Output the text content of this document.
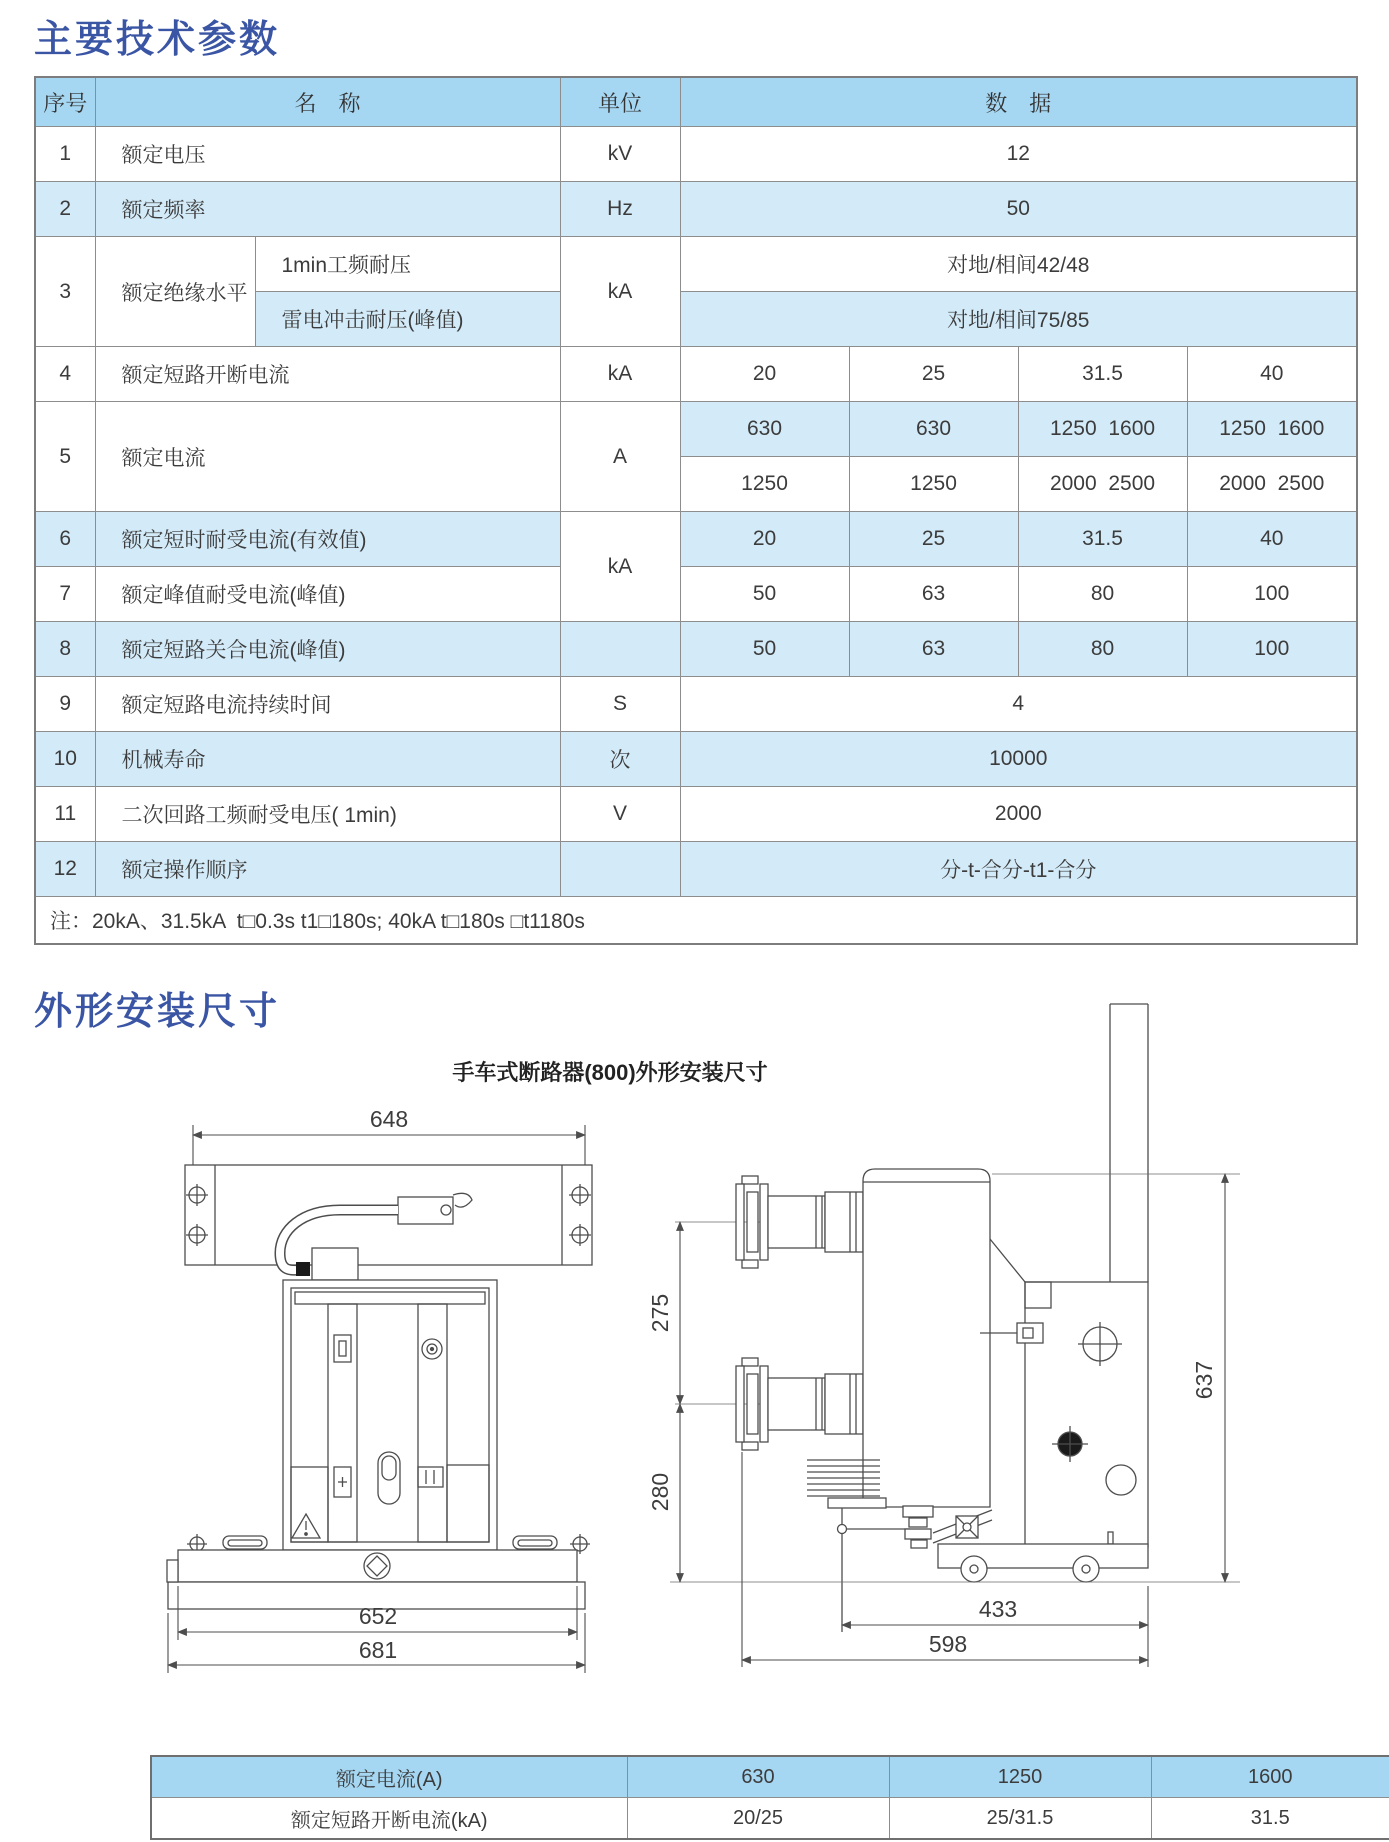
主要技术参数
序号	名　称		单位	数　据			
1	额定电压		kV	12			
2	额定频率		Hz	50			
3	额定绝缘水平	1min工频耐压	kA	对地/相间42/48			
		雷电冲击耐压(峰值)		对地/相间75/85			
4	额定短路开断电流		kA	20	25	31.5	40
5	额定电流		A	630	630	1250  1600	1250  1600
				1250	1250	2000  2500	2000  2500
6	额定短时耐受电流(有效值)		kA	20	25	31.5	40
7	额定峰值耐受电流(峰值)			50	63	80	100
8	额定短路关合电流(峰值)			50	63	80	100
9	额定短路电流持续时间		S	4			
10	机械寿命		次	10000			
11	二次回路工频耐受电压( 1min)		V	2000			
12	额定操作顺序			分-t-合分-t1-合分			
注：20kA、31.5kA  t□0.3s t1□180s; 40kA t□180s □t1180s							
外形安装尺寸
手车式断路器(800)外形安装尺寸
648
652
681
275
280
637
433
598
额定电流(A)	630	1250	1600
额定短路开断电流(kA)	20/25	25/31.5	31.5
